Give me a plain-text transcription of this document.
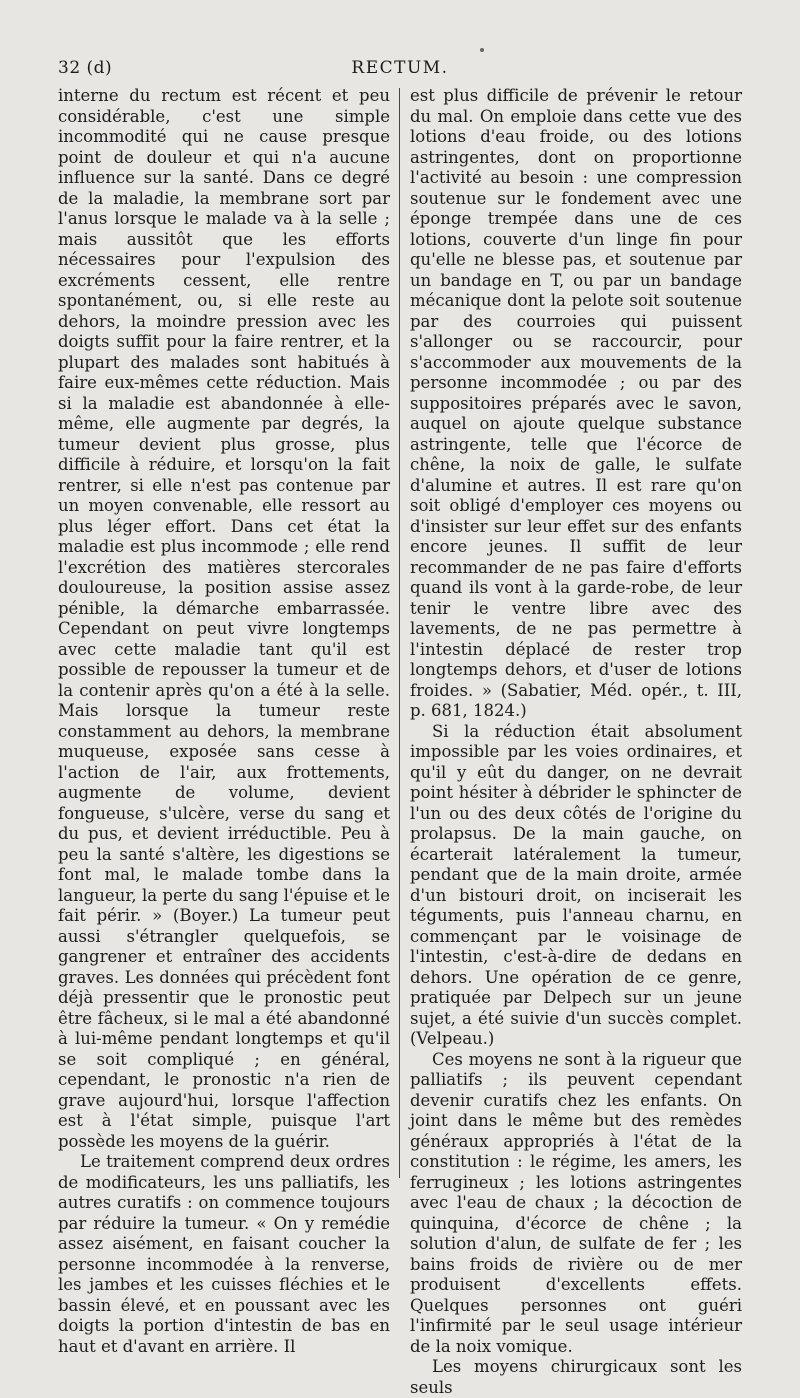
32 (d)	RECTUM.

interne du rectum est récent et peu considérable, c'est une simple incommodité qui ne cause presque point de douleur et qui n'a aucune influence sur la santé. Dans ce degré de la maladie, la membrane sort par l'anus lorsque le malade va à la selle ; mais aussitôt que les efforts nécessaires pour l'expulsion des excréments cessent, elle rentre spontanément, ou, si elle reste au dehors, la moindre pression avec les doigts suffit pour la faire rentrer, et la plupart des malades sont habitués à faire eux-mêmes cette réduction. Mais si la maladie est abandonnée à elle-même, elle augmente par degrés, la tumeur devient plus grosse, plus difficile à réduire, et lorsqu'on la fait rentrer, si elle n'est pas contenue par un moyen convenable, elle ressort au plus léger effort. Dans cet état la maladie est plus incommode ; elle rend l'excrétion des matières stercorales douloureuse, la position assise assez pénible, la démarche embarrassée. Cependant on peut vivre longtemps avec cette maladie tant qu'il est possible de repousser la tumeur et de la contenir après qu'on a été à la selle. Mais lorsque la tumeur reste constamment au dehors, la membrane muqueuse, exposée sans cesse à l'action de l'air, aux frottements, augmente de volume, devient fongueuse, s'ulcère, verse du sang et du pus, et devient irréductible. Peu à peu la santé s'altère, les digestions se font mal, le malade tombe dans la langueur, la perte du sang l'épuise et le fait périr. » (Boyer.) La tumeur peut aussi s'étrangler quelquefois, se gangrener et entraîner des accidents graves. Les données qui précèdent font déjà pressentir que le pronostic peut être fâcheux, si le mal a été abandonné à lui-même pendant longtemps et qu'il se soit compliqué ; en général, cependant, le pronostic n'a rien de grave aujourd'hui, lorsque l'affection est à l'état simple, puisque l'art possède les moyens de la guérir.

Le traitement comprend deux ordres de modificateurs, les uns palliatifs, les autres curatifs : on commence toujours par réduire la tumeur. « On y remédie assez aisément, en faisant coucher la personne incommodée à la renverse, les jambes et les cuisses fléchies et le bassin élevé, et en poussant avec les doigts la portion d'intestin de bas en haut et d'avant en arrière. Il

est plus difficile de prévenir le retour du mal. On emploie dans cette vue des lotions d'eau froide, ou des lotions astringentes, dont on proportionne l'activité au besoin : une compression soutenue sur le fondement avec une éponge trempée dans une de ces lotions, couverte d'un linge fin pour qu'elle ne blesse pas, et soutenue par un bandage en T, ou par un bandage mécanique dont la pelote soit soutenue par des courroies qui puissent s'allonger ou se raccourcir, pour s'accommoder aux mouvements de la personne incommodée ; ou par des suppositoires préparés avec le savon, auquel on ajoute quelque substance astringente, telle que l'écorce de chêne, la noix de galle, le sulfate d'alumine et autres. Il est rare qu'on soit obligé d'employer ces moyens ou d'insister sur leur effet sur des enfants encore jeunes. Il suffit de leur recommander de ne pas faire d'efforts quand ils vont à la garde-robe, de leur tenir le ventre libre avec des lavements, de ne pas permettre à l'intestin déplacé de rester trop longtemps dehors, et d'user de lotions froides. » (Sabatier, Méd. opér., t. III, p. 681, 1824.)

Si la réduction était absolument impossible par les voies ordinaires, et qu'il y eût du danger, on ne devrait point hésiter à débrider le sphincter de l'un ou des deux côtés de l'origine du prolapsus. De la main gauche, on écarterait latéralement la tumeur, pendant que de la main droite, armée d'un bistouri droit, on inciserait les téguments, puis l'anneau charnu, en commençant par le voisinage de l'intestin, c'est-à-dire de dedans en dehors. Une opération de ce genre, pratiquée par Delpech sur un jeune sujet, a été suivie d'un succès complet. (Velpeau.)

Ces moyens ne sont à la rigueur que palliatifs ; ils peuvent cependant devenir curatifs chez les enfants. On joint dans le même but des remèdes généraux appropriés à l'état de la constitution : le régime, les amers, les ferrugineux ; les lotions astringentes avec l'eau de chaux ; la décoction de quinquina, d'écorce de chêne ; la solution d'alun, de sulfate de fer ; les bains froids de rivière ou de mer produisent d'excellents effets. Quelques personnes ont guéri l'infirmité par le seul usage intérieur de la noix vomique.

Les moyens chirurgicaux sont les seuls
